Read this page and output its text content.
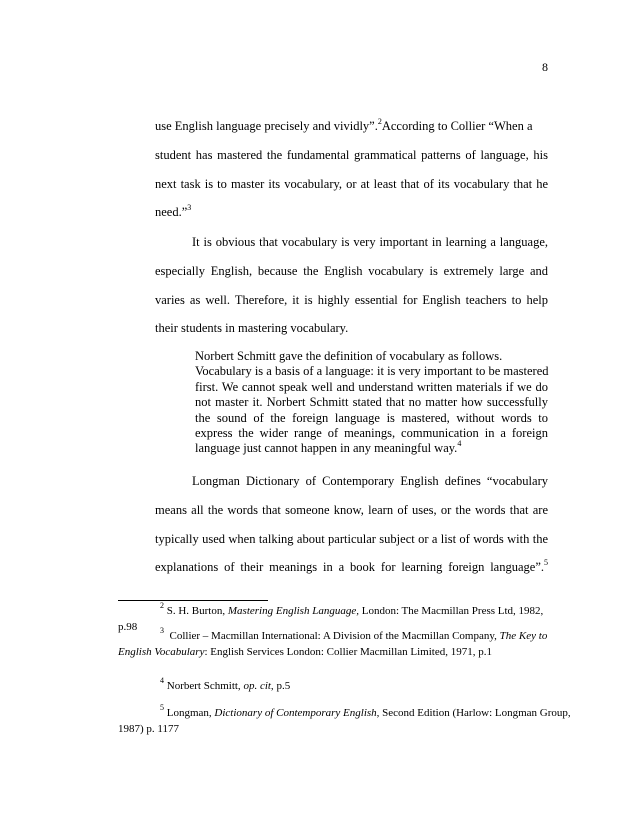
8
use English language precisely and vividly”.$^2$According to Collier “When a
student has mastered the fundamental grammatical patterns of language, his
next task is to master its vocabulary, or at least that of its vocabulary that he
need.”$^3$
It is obvious that vocabulary is very important in learning a language,
especially English, because the English vocabulary is extremely large and
varies as well. Therefore, it is highly essential for English teachers to help
their students in mastering vocabulary.
Norbert Schmitt gave the definition of vocabulary as follows.
Vocabulary is a basis of a language: it is very important to be mastered
first. We cannot speak well and understand written materials if we do
not master it. Norbert Schmitt stated that no matter how successfully
the sound of the foreign language is mastered, without words to
express the wider range of meanings, communication in a foreign
language just cannot happen in any meaningful way.$^4$
Longman Dictionary of Contemporary English defines “vocabulary
means all the words that someone know, learn of uses, or the words that are
typically used when talking about particular subject or a list of words with the
explanations of their meanings in a book for learning foreign language”.$^5$
$^2$ S. H. Burton, Mastering English Language, London: The Macmillan Press Ltd, 1982, p.98	$^3$ Collier – Macmillan International: A Division of the Macmillan Company, The Key to
English Vocabulary: English Services London: Collier Macmillan Limited, 1971, p.1
$^4$ Norbert Schmitt, op. cit, p.5
$^5$ Longman, Dictionary of Contemporary English, Second Edition (Harlow: Longman Group,
1987) p. 1177
